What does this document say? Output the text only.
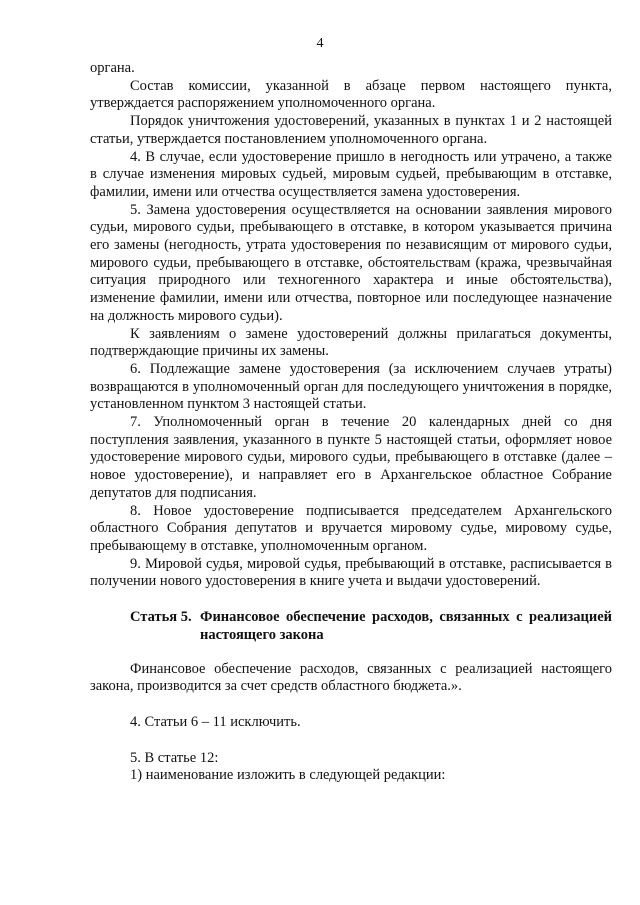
4

органа.

Состав комиссии, указанной в абзаце первом настоящего пункта, утверждается распоряжением уполномоченного органа.

Порядок уничтожения удостоверений, указанных в пунктах 1 и 2 настоящей статьи, утверждается постановлением уполномоченного органа.

4. В случае, если удостоверение пришло в негодность или утрачено, а также в случае изменения мировых судьей, мировым судьей, пребывающим в отставке, фамилии, имени или отчества осуществляется замена удостоверения.

5. Замена удостоверения осуществляется на основании заявления мирового судьи, мирового судьи, пребывающего в отставке, в котором указывается причина его замены (негодность, утрата удостоверения по независящим от мирового судьи, мирового судьи, пребывающего в отставке, обстоятельствам (кража, чрезвычайная ситуация природного или техногенного характера и иные обстоятельства), изменение фамилии, имени или отчества, повторное или последующее назначение на должность мирового судьи).

К заявлениям о замене удостоверений должны прилагаться документы, подтверждающие причины их замены.

6. Подлежащие замене удостоверения (за исключением случаев утраты) возвращаются в уполномоченный орган для последующего уничтожения в порядке, установленном пунктом 3 настоящей статьи.

7. Уполномоченный орган в течение 20 календарных дней со дня поступления заявления, указанного в пункте 5 настоящей статьи, оформляет новое удостоверение мирового судьи, мирового судьи, пребывающего в отставке (далее – новое удостоверение), и направляет его в Архангельское областное Собрание депутатов для подписания.

8. Новое удостоверение подписывается председателем Архангельского областного Собрания депутатов и вручается мировому судье, мировому судье, пребывающему в отставке, уполномоченным органом.

9. Мировой судья, мировой судья, пребывающий в отставке, расписывается в получении нового удостоверения в книге учета и выдачи удостоверений.

Статья 5. Финансовое обеспечение расходов, связанных с реализацией настоящего закона

Финансовое обеспечение расходов, связанных с реализацией настоящего закона, производится за счет средств областного бюджета.».

4. Статьи 6 – 11 исключить.

5. В статье 12:

1) наименование изложить в следующей редакции:
